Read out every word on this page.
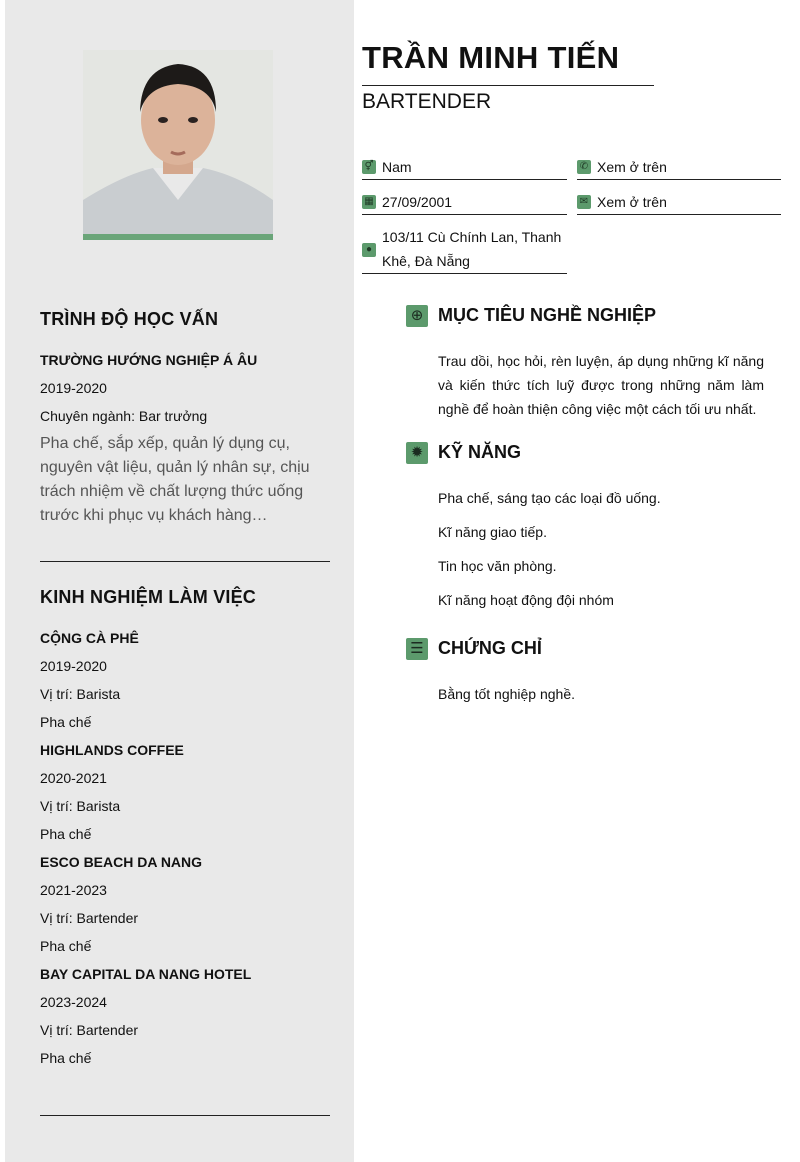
TRÌNH ĐỘ HỌC VẤN

TRƯỜNG HƯỚNG NGHIỆP Á ÂU

2019-2020

Chuyên ngành: Bar trưởng

Pha chế, sắp xếp, quản lý dụng cụ, nguyên vật liệu, quản lý nhân sự, chịu trách nhiệm về chất lượng thức uống trước khi phục vụ khách hàng…

KINH NGHIỆM LÀM VIỆC

CỘNG CÀ PHÊ

2019-2020

Vị trí: Barista

Pha chế

HIGHLANDS COFFEE

2020-2021

Vị trí: Barista

Pha chế

ESCO BEACH DA NANG

2021-2023

Vị trí: Bartender

Pha chế

BAY CAPITAL DA NANG HOTEL

2023-2024

Vị trí: Bartender

Pha chế

TRẦN MINH TIẾN

BARTENDER

⚥ Nam	✆ Xem ở trên
▦ 27/09/2001	✉ Xem ở trên
●
103/11 Cù Chính Lan, Thanh Khê, Đà Nẵng
⊕ MỤC TIÊU NGHỀ NGHIỆP
Trau dồi, học hỏi, rèn luyện, áp dụng những kĩ năng và kiến thức tích luỹ được trong những năm làm nghề để hoàn thiện công việc một cách tối ưu nhất.
✹ KỸ NĂNG
Pha chế, sáng tạo các loại đồ uống.
Kĩ năng giao tiếp.
Tin học văn phòng.
Kĩ năng hoạt động đội nhóm
☰ CHỨNG CHỈ
Bằng tốt nghiệp nghề.
